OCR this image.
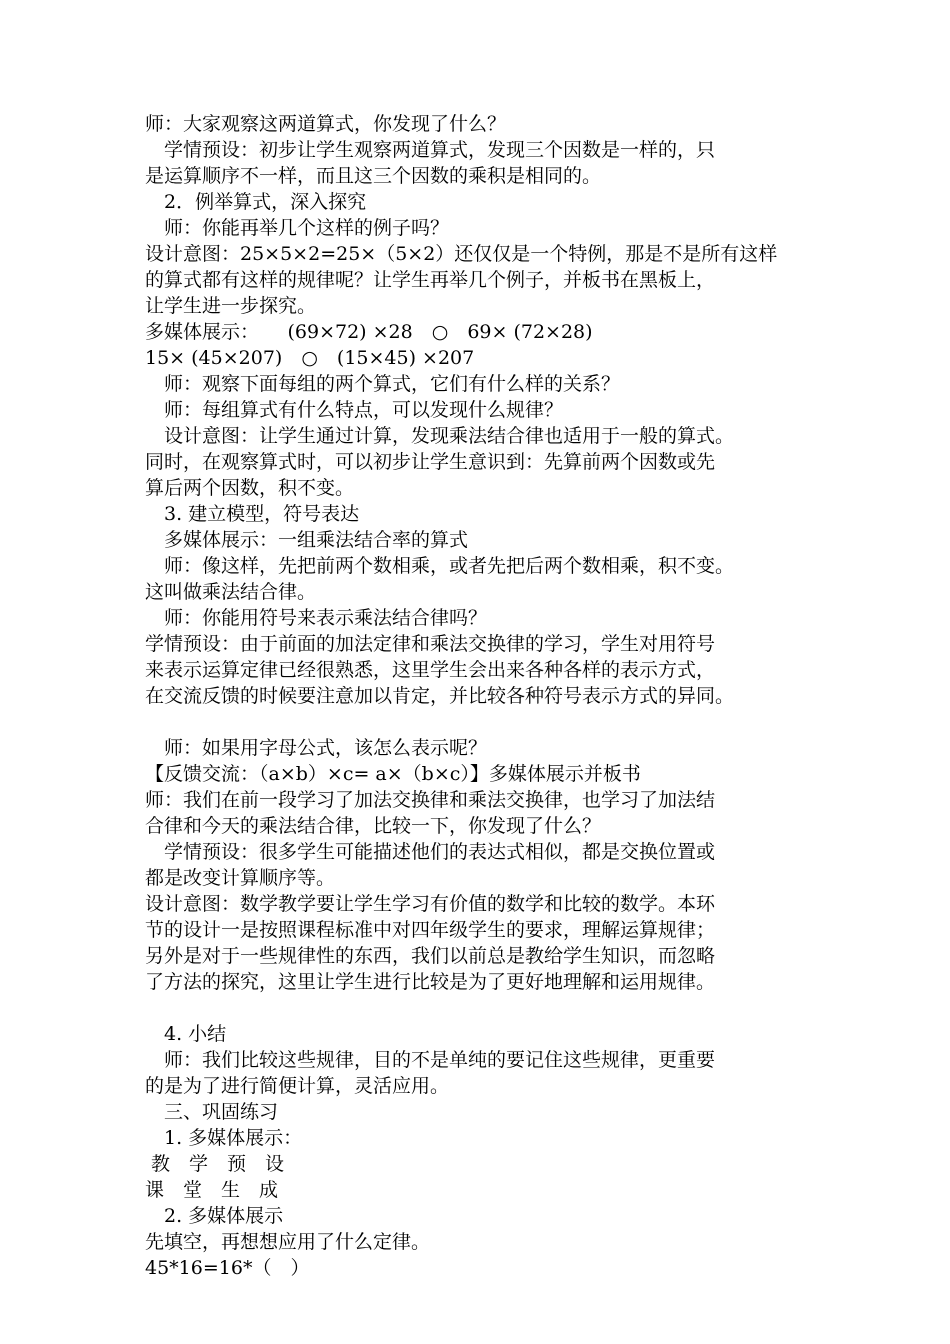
师：大家观察这两道算式，你发现了什么？
　学情预设：初步让学生观察两道算式，发现三个因数是一样的，只
是运算顺序不一样，而且这三个因数的乘积是相同的。
　2．例举算式，深入探究
　师：你能再举几个这样的例子吗？
设计意图：25×5×2=25×（5×2）还仅仅是一个特例，那是不是所有这样
的算式都有这样的规律呢？让学生再举几个例子，并板书在黑板上，
让学生进一步探究。
多媒体展示：　　(69×72) ×28　○　69× (72×28)
15× (45×207)　○　(15×45) ×207
　师：观察下面每组的两个算式，它们有什么样的关系？
　师：每组算式有什么特点，可以发现什么规律？
　设计意图：让学生通过计算，发现乘法结合律也适用于一般的算式。
同时，在观察算式时，可以初步让学生意识到：先算前两个因数或先
算后两个因数，积不变。
　3. 建立模型，符号表达
　多媒体展示：一组乘法结合率的算式
　师：像这样，先把前两个数相乘，或者先把后两个数相乘，积不变。
这叫做乘法结合律。
　师：你能用符号来表示乘法结合律吗？
学情预设：由于前面的加法定律和乘法交换律的学习，学生对用符号
来表示运算定律已经很熟悉，这里学生会出来各种各样的表示方式，
在交流反馈的时候要注意加以肯定，并比较各种符号表示方式的异同。
　师：如果用字母公式，该怎么表示呢？
【反馈交流：（a×b）×c= a×（b×c）】多媒体展示并板书
师：我们在前一段学习了加法交换律和乘法交换律，也学习了加法结
合律和今天的乘法结合律，比较一下，你发现了什么？
　学情预设：很多学生可能描述他们的表达式相似，都是交换位置或
都是改变计算顺序等。
设计意图：数学教学要让学生学习有价值的数学和比较的数学。本环
节的设计一是按照课程标准中对四年级学生的要求，理解运算规律；
另外是对于一些规律性的东西，我们以前总是教给学生知识，而忽略
了方法的探究，这里让学生进行比较是为了更好地理解和运用规律。
　4. 小结
　师：我们比较这些规律，目的不是单纯的要记住这些规律，更重要
的是为了进行简便计算，灵活应用。
　三、巩固练习
　1. 多媒体展示：
教　学　预　设
课　堂　生　成
　2. 多媒体展示
先填空，再想想应用了什么定律。
45*16=16*（　）
